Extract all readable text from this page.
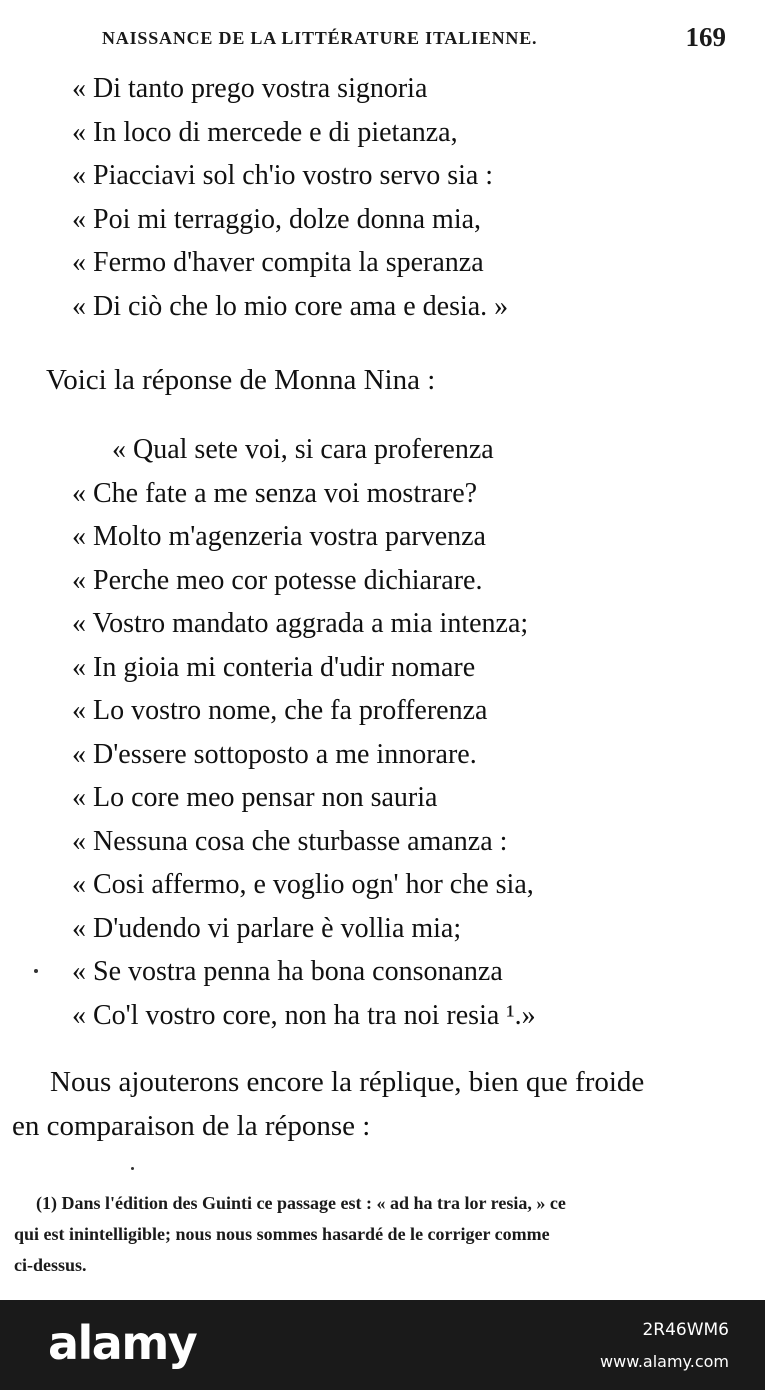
NAISSANCE DE LA LITTÉRATURE ITALIENNE.	169
« Di tanto prego vostra signoria
« In loco di mercede e di pietanza,
« Piacciavi sol ch'io vostro servo sia :
« Poi mi terraggio, dolze donna mia,
« Fermo d'haver compita la speranza
« Di ciò che lo mio core ama e desia. »

Voici la réponse de Monna Nina :

« Qual sete voi, si cara proferenza
« Che fate a me senza voi mostrare?
« Molto m'agenzeria vostra parvenza
« Perche meo cor potesse dichiarare.
« Vostro mandato aggrada a mia intenza;
« In gioia mi conteria d'udir nomare
« Lo vostro nome, che fa profferenza
« D'essere sottoposto a me innorare.
« Lo core meo pensar non sauria
« Nessuna cosa che sturbasse amanza :
« Cosi affermo, e voglio ogn' hor che sia,
« D'udendo vi parlare è vollia mia;
« Se vostra penna ha bona consonanza
« Co'l vostro core, non ha tra noi resia ¹.»

Nous ajouterons encore la réplique, bien que froide

en comparaison de la réponse :

(1) Dans l'édition des Guinti ce passage est : « ad ha tra lor resia, » ce

qui est inintelligible; nous nous sommes hasardé de le corriger comme

ci-dessus.

alamy	2R46WM6
www.alamy.com
